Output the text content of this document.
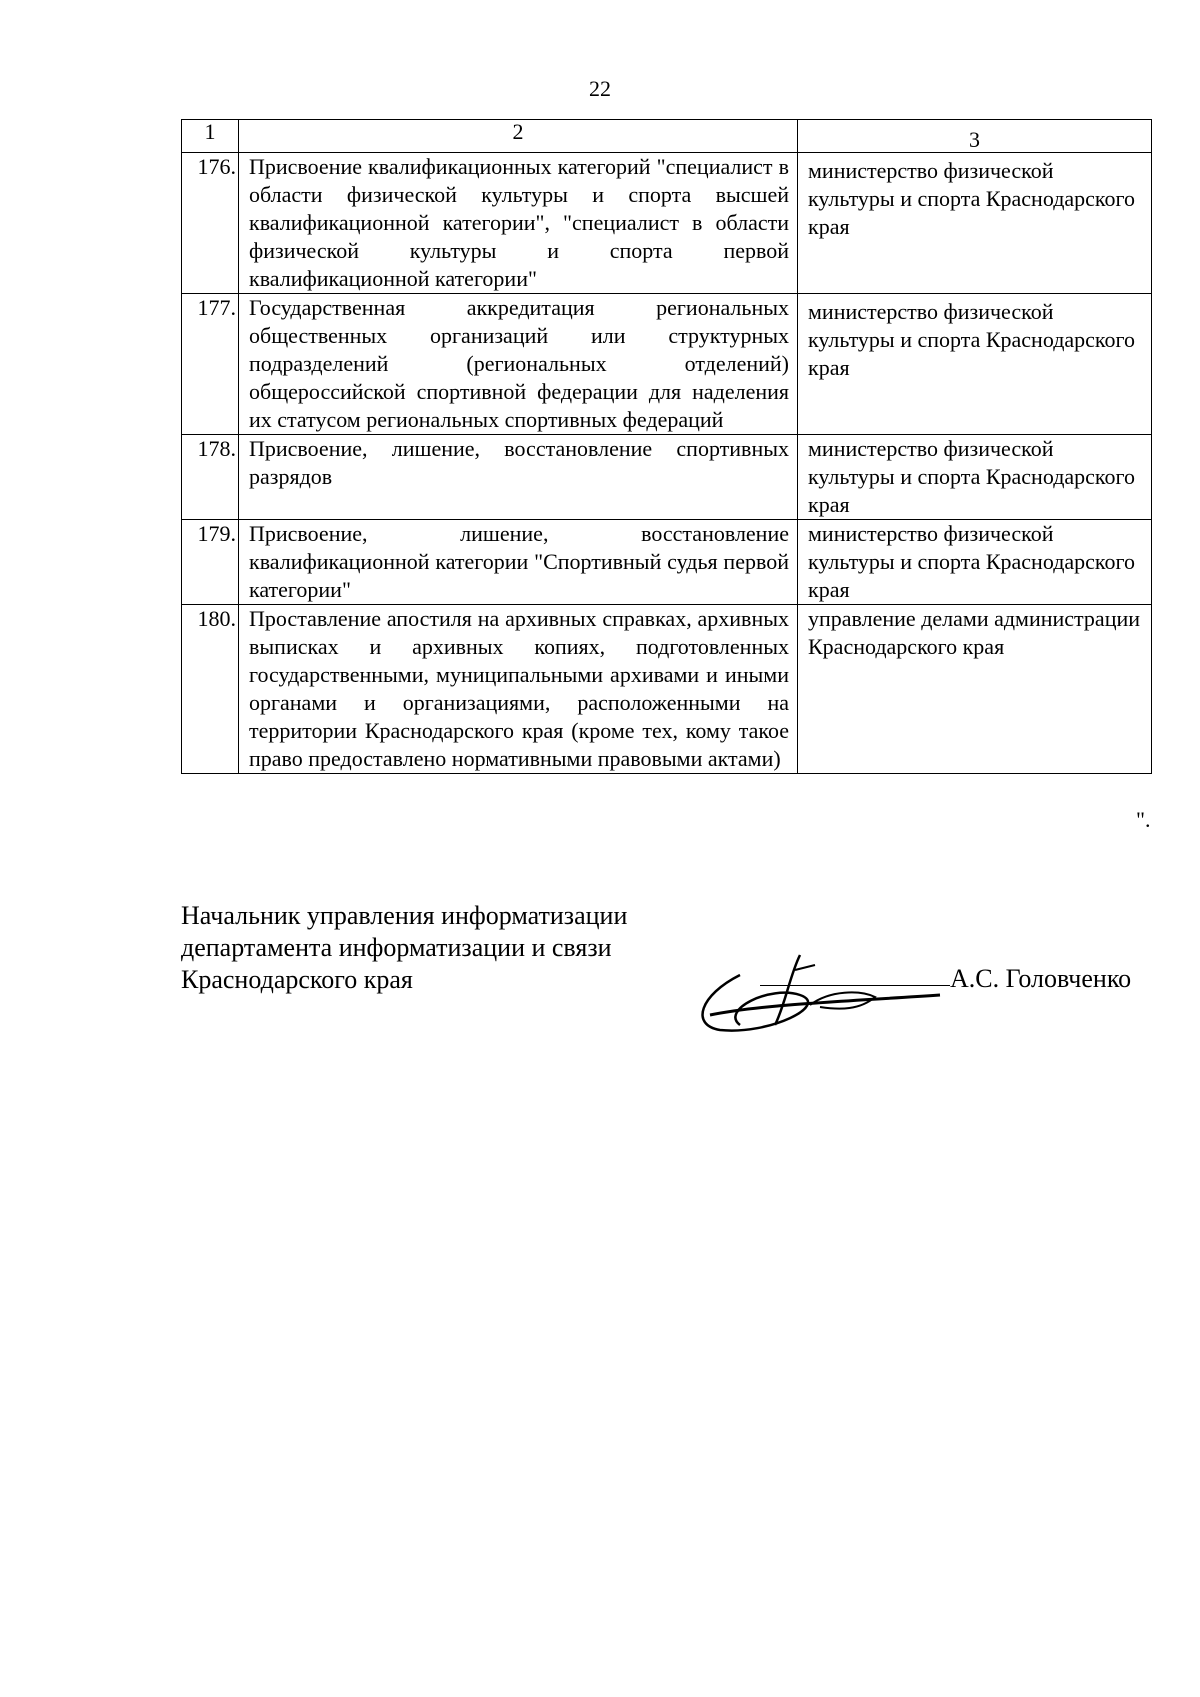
22
1	2	3
176.	Присвоение квалификационных категорий "специалист в области физической культуры и спорта высшей квалификационной категории", "специалист в области физической культуры и спорта первой квалификационной категории"	министерство физической культуры и спорта Краснодарского края
177.	Государственная аккредитация региональных общественных организаций или структурных подразделений (региональных отделений) общероссийской спортивной федерации для наделения их статусом региональных спортивных федераций	министерство физической культуры и спорта Краснодарского края
178.	Присвоение, лишение, восстановление спортивных разрядов	министерство физической культуры и спорта Краснодарского края
179.	Присвоение, лишение, восстановление квалификационной категории "Спортивный судья первой категории"	министерство физической культуры и спорта Краснодарского края
180.	Проставление апостиля на архивных справках, архивных выписках и архивных копиях, подготовленных государственными, муниципальными архивами и иными органами и организациями, расположенными на территории Краснодарского края (кроме тех, кому такое право предоставлено нормативными правовыми актами)	управление делами администрации Краснодарского края
".
Начальник управления информатизации
департамента информатизации и связи
Краснодарского края	А.С. Головченко
